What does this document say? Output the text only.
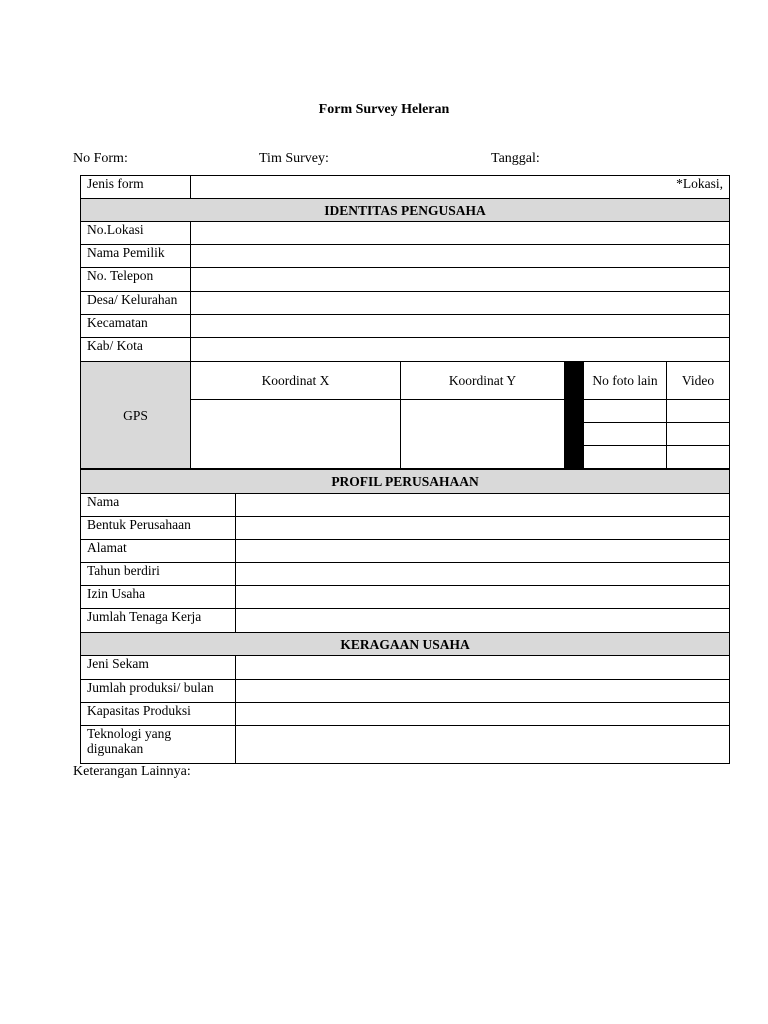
Form Survey Heleran
No Form:	Tim Survey:	Tanggal:
Jenis form	*Lokasi,				
IDENTITAS PENGUSAHA					
No.Lokasi					
Nama Pemilik					
No. Telepon					
Desa/ Kelurahan					
Kecamatan					
Kab/ Kota					
GPS	Koordinat X	Koordinat Y		No foto lain	Video

PROFIL PERUSAHAAN	
Nama	
Bentuk Perusahaan	
Alamat	
Tahun berdiri	
Izin Usaha	
Jumlah Tenaga Kerja	
KERAGAAN USAHA	
Jeni Sekam	
Jumlah produksi/ bulan	
Kapasitas Produksi	
Teknologi yang digunakan	
Keterangan Lainnya:
